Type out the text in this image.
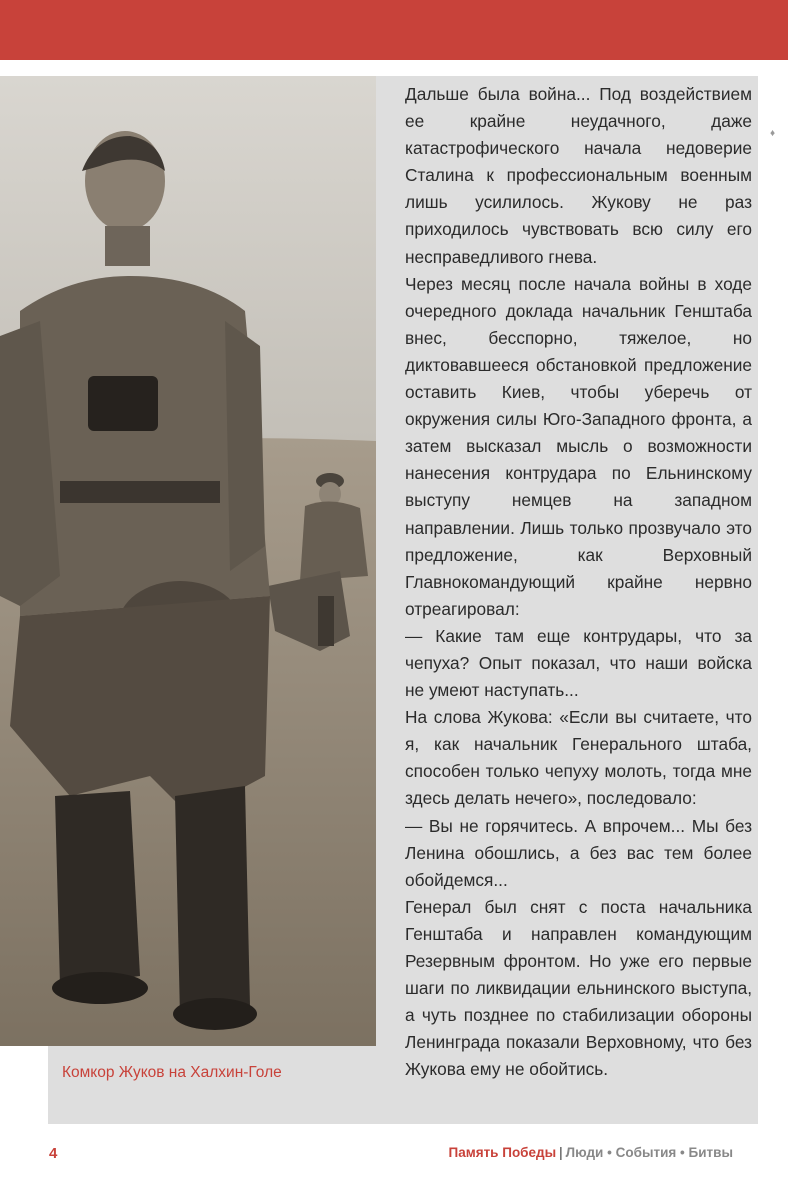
Комкор Жуков на Халхин-Голе

Дальше была война... Под воздействием ее крайне неудачного, даже катастрофического начала недоверие Сталина к профессиональным военным лишь усилилось. Жукову не раз приходилось чувствовать всю силу его несправедливого гнева.

Через месяц после начала войны в ходе очередного доклада начальник Генштаба внес, бесспорно, тяжелое, но диктовавшееся обстановкой предложение оставить Киев, чтобы уберечь от окружения силы Юго-Западного фронта, а затем высказал мысль о возможности нанесения контрудара по Ельнинскому выступу немцев на западном направлении. Лишь только прозвучало это предложение, как Верховный Главнокомандующий крайне нервно отреагировал:

— Какие там еще контрудары, что за чепуха? Опыт показал, что наши войска не умеют наступать...

На слова Жукова: «Если вы считаете, что я, как начальник Генерального штаба, способен только чепуху молоть, тогда мне здесь делать нечего», последовало:

— Вы не горячитесь. А впрочем... Мы без Ленина обошлись, а без вас тем более обойдемся...

Генерал был снят с поста начальника Генштаба и направлен командующим Резервным фронтом. Но уже его первые шаги по ликвидации ельнинского выступа, а чуть позднее по стабилизации обороны Ленинграда показали Верховному, что без Жукова ему не обойтись.

♦
4	Память Победы | Люди • События • Битвы
